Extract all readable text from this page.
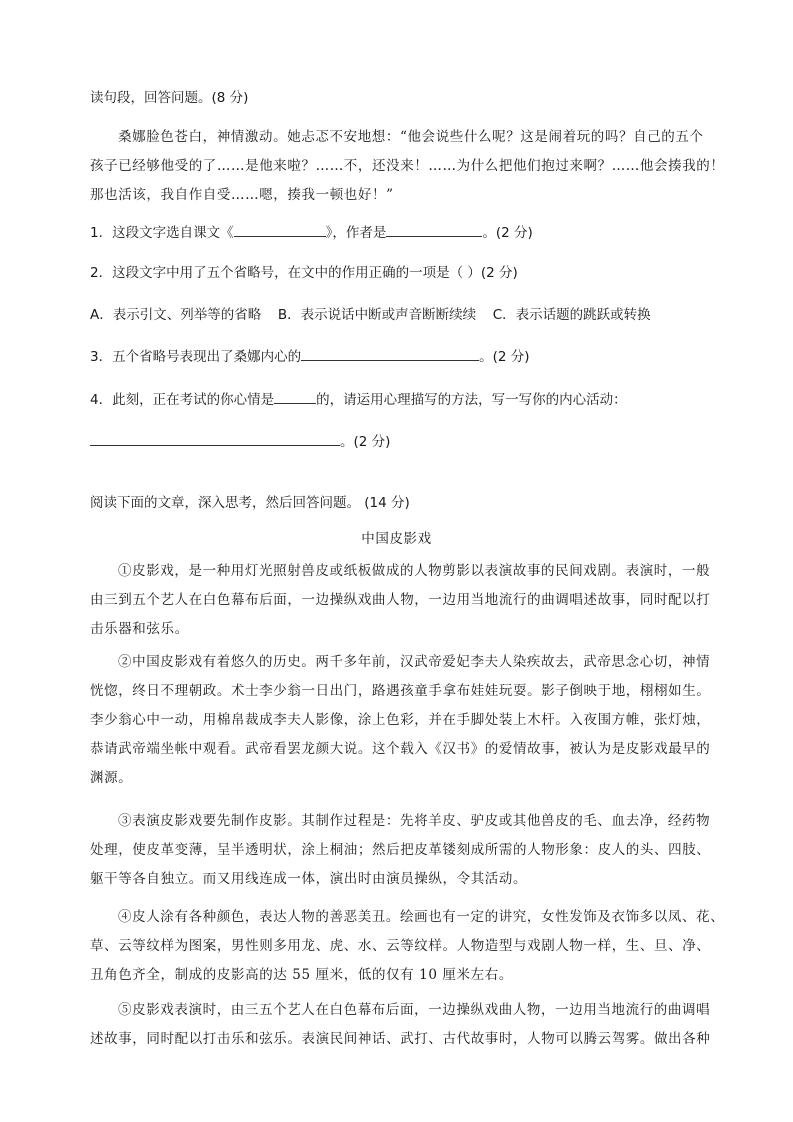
读句段，回答问题。(8 分)
桑娜脸色苍白，神情激动。她忐忑不安地想：“他会说些什么呢？这是闹着玩的吗？自己的五个
孩子已经够他受的了……是他来啦？……不，还没来！……为什么把他们抱过来啊？……他会揍我的！
那也活该，我自作自受……嗯，揍我一顿也好！”
1．这段文字选自课文《	》，作者是	。(2 分)
2．这段文字中用了五个省略号，在文中的作用正确的一项是（ ）(2 分)
A．表示引文、列举等的省略 B．表示说话中断或声音断断续续 C．表示话题的跳跃或转换
3．五个省略号表现出了桑娜内心的	。(2 分)
4．此刻，正在考试的你心情是	的，请运用心理描写的方法，写一写你的内心活动：
。(2 分)
阅读下面的文章，深入思考，然后回答问题。 (14 分)
中国皮影戏
①皮影戏，是一种用灯光照射兽皮或纸板做成的人物剪影以表演故事的民间戏剧。表演时，一般
由三到五个艺人在白色幕布后面，一边操纵戏曲人物，一边用当地流行的曲调唱述故事，同时配以打
击乐器和弦乐。
②中国皮影戏有着悠久的历史。两千多年前，汉武帝爱妃李夫人染疾故去，武帝思念心切，神情
恍惚，终日不理朝政。术士李少翁一日出门，路遇孩童手拿布娃娃玩耍。影子倒映于地，栩栩如生。
李少翁心中一动，用棉帛裁成李夫人影像，涂上色彩，并在手脚处装上木杆。入夜围方帷，张灯烛，
恭请武帝端坐帐中观看。武帝看罢龙颜大说。这个载入《汉书》的爱情故事，被认为是皮影戏最早的
渊源。
③表演皮影戏要先制作皮影。其制作过程是：先将羊皮、驴皮或其他兽皮的毛、血去净，经药物
处理，使皮革变薄，呈半透明状，涂上桐油；然后把皮革镂刻成所需的人物形象：皮人的头、四肢、
躯干等各自独立。而又用线连成一体，演出时由演员操纵，令其活动。
④皮人涂有各种颜色，表达人物的善恶美丑。绘画也有一定的讲究，女性发饰及衣饰多以凤、花、
草、云等纹样为图案，男性则多用龙、虎、水、云等纹样。人物造型与戏剧人物一样，生、旦、净、
丑角色齐全，制成的皮影高的达 55 厘米，低的仅有 10 厘米左右。
⑤皮影戏表演时，由三五个艺人在白色幕布后面，一边操纵戏曲人物，一边用当地流行的曲调唱
述故事，同时配以打击乐和弦乐。表演民间神话、武打、古代故事时，人物可以腾云驾雾。做出各种
